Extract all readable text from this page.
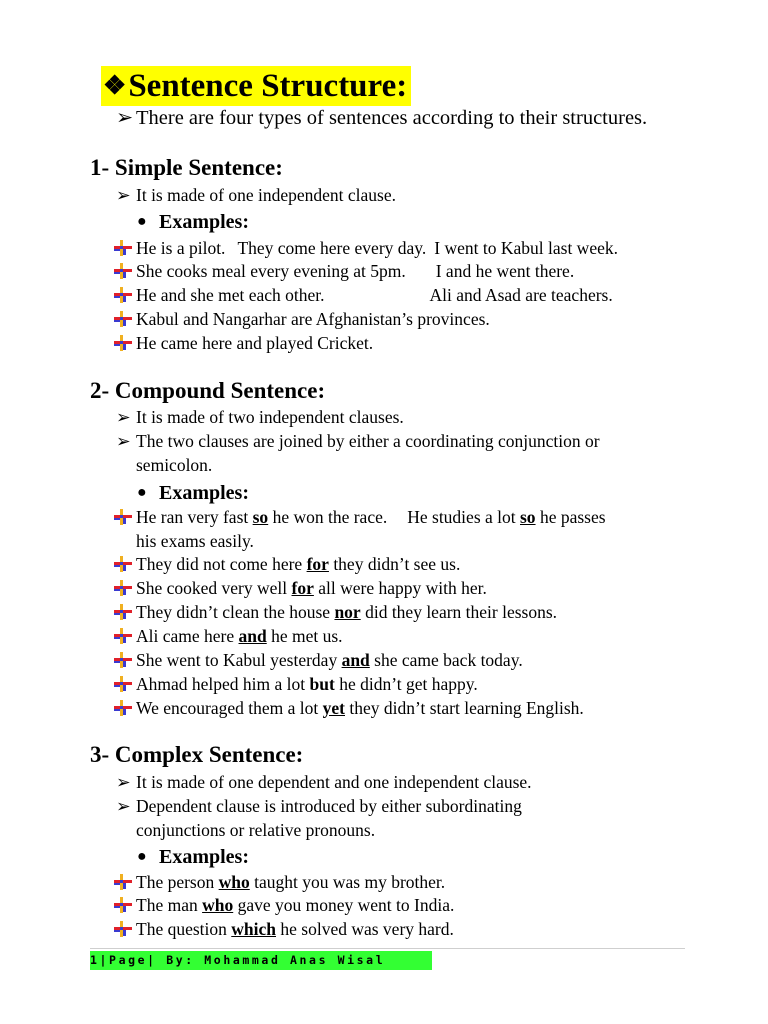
❖Sentence Structure:
➢ There are four types of sentences according to their structures.
1- Simple Sentence:
➢ It is made of one independent clause.
● Examples:
He is a pilot. They come here every day. I went to Kabul last week.
She cooks meal every evening at 5pm. I and he went there.
He and she met each other.	Ali and Asad are teachers.
Kabul and Nangarhar are Afghanistan’s provinces.
He came here and played Cricket.
2- Compound Sentence:
➢ It is made of two independent clauses.
➢ The two clauses are joined by either a coordinating conjunction or
semicolon.
● Examples:
He ran very fast so he won the race. He studies a lot so he passes
his exams easily.
They did not come here for they didn’t see us.
She cooked very well for all were happy with her.
They didn’t clean the house nor did they learn their lessons.
Ali came here and he met us.
She went to Kabul yesterday and she came back today.
Ahmad helped him a lot but he didn’t get happy.
We encouraged them a lot yet they didn’t start learning English.
3- Complex Sentence:
➢ It is made of one dependent and one independent clause.
➢ Dependent clause is introduced by either subordinating
conjunctions or relative pronouns.
● Examples:
The person who taught you was my brother.
The man who gave you money went to India.
The question which he solved was very hard.
1|Page| By: Mohammad Anas Wisal
